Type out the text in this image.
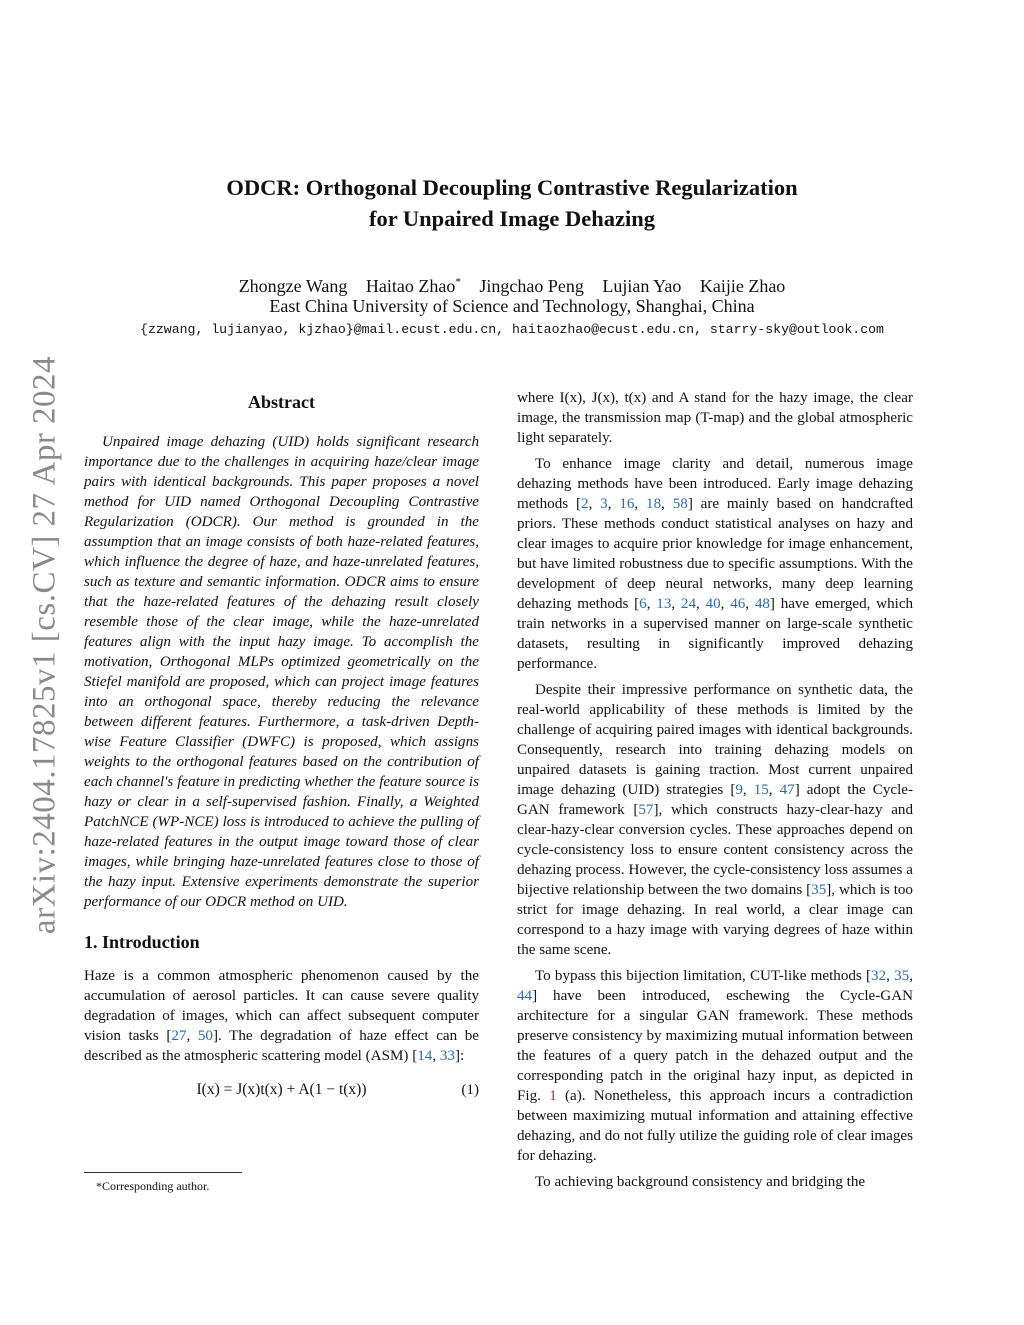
arXiv:2404.17825v1 [cs.CV] 27 Apr 2024
ODCR: Orthogonal Decoupling Contrastive Regularization
for Unpaired Image Dehazing
Zhongze Wang Haitao Zhao* Jingchao Peng Lujian Yao Kaijie Zhao
East China University of Science and Technology, Shanghai, China
{zzwang, lujianyao, kjzhao}@mail.ecust.edu.cn, haitaozhao@ecust.edu.cn, starry-sky@outlook.com
Abstract

Unpaired image dehazing (UID) holds significant research importance due to the challenges in acquiring haze/clear image pairs with identical backgrounds. This paper proposes a novel method for UID named Orthogonal Decoupling Contrastive Regularization (ODCR). Our method is grounded in the assumption that an image consists of both haze-related features, which influence the degree of haze, and haze-unrelated features, such as texture and semantic information. ODCR aims to ensure that the haze-related features of the dehazing result closely resemble those of the clear image, while the haze-unrelated features align with the input hazy image. To accomplish the motivation, Orthogonal MLPs optimized geometrically on the Stiefel manifold are proposed, which can project image features into an orthogonal space, thereby reducing the relevance between different features. Furthermore, a task-driven Depth-wise Feature Classifier (DWFC) is proposed, which assigns weights to the orthogonal features based on the contribution of each channel's feature in predicting whether the feature source is hazy or clear in a self-supervised fashion. Finally, a Weighted PatchNCE (WP-NCE) loss is introduced to achieve the pulling of haze-related features in the output image toward those of clear images, while bringing haze-unrelated features close to those of the hazy input. Extensive experiments demonstrate the superior performance of our ODCR method on UID.

1. Introduction

Haze is a common atmospheric phenomenon caused by the accumulation of aerosol particles. It can cause severe quality degradation of images, which can affect subsequent computer vision tasks [27, 50]. The degradation of haze effect can be described as the atmospheric scattering model (ASM) [14, 33]:

I(x) = J(x)t(x) + A(1 − t(x))	(1)
*Corresponding author.

where I(x), J(x), t(x) and A stand for the hazy image, the clear image, the transmission map (T-map) and the global atmospheric light separately.

To enhance image clarity and detail, numerous image dehazing methods have been introduced. Early image dehazing methods [2, 3, 16, 18, 58] are mainly based on handcrafted priors. These methods conduct statistical analyses on hazy and clear images to acquire prior knowledge for image enhancement, but have limited robustness due to specific assumptions. With the development of deep neural networks, many deep learning dehazing methods [6, 13, 24, 40, 46, 48] have emerged, which train networks in a supervised manner on large-scale synthetic datasets, resulting in significantly improved dehazing performance.

Despite their impressive performance on synthetic data, the real-world applicability of these methods is limited by the challenge of acquiring paired images with identical backgrounds. Consequently, research into training dehazing models on unpaired datasets is gaining traction. Most current unpaired image dehazing (UID) strategies [9, 15, 47] adopt the Cycle-GAN framework [57], which constructs hazy-clear-hazy and clear-hazy-clear conversion cycles. These approaches depend on cycle-consistency loss to ensure content consistency across the dehazing process. However, the cycle-consistency loss assumes a bijective relationship between the two domains [35], which is too strict for image dehazing. In real world, a clear image can correspond to a hazy image with varying degrees of haze within the same scene.

To bypass this bijection limitation, CUT-like methods [32, 35, 44] have been introduced, eschewing the Cycle-GAN architecture for a singular GAN framework. These methods preserve consistency by maximizing mutual information between the features of a query patch in the dehazed output and the corresponding patch in the original hazy input, as depicted in Fig. 1 (a). Nonetheless, this approach incurs a contradiction between maximizing mutual information and attaining effective dehazing, and do not fully utilize the guiding role of clear images for dehazing.

To achieving background consistency and bridging the
